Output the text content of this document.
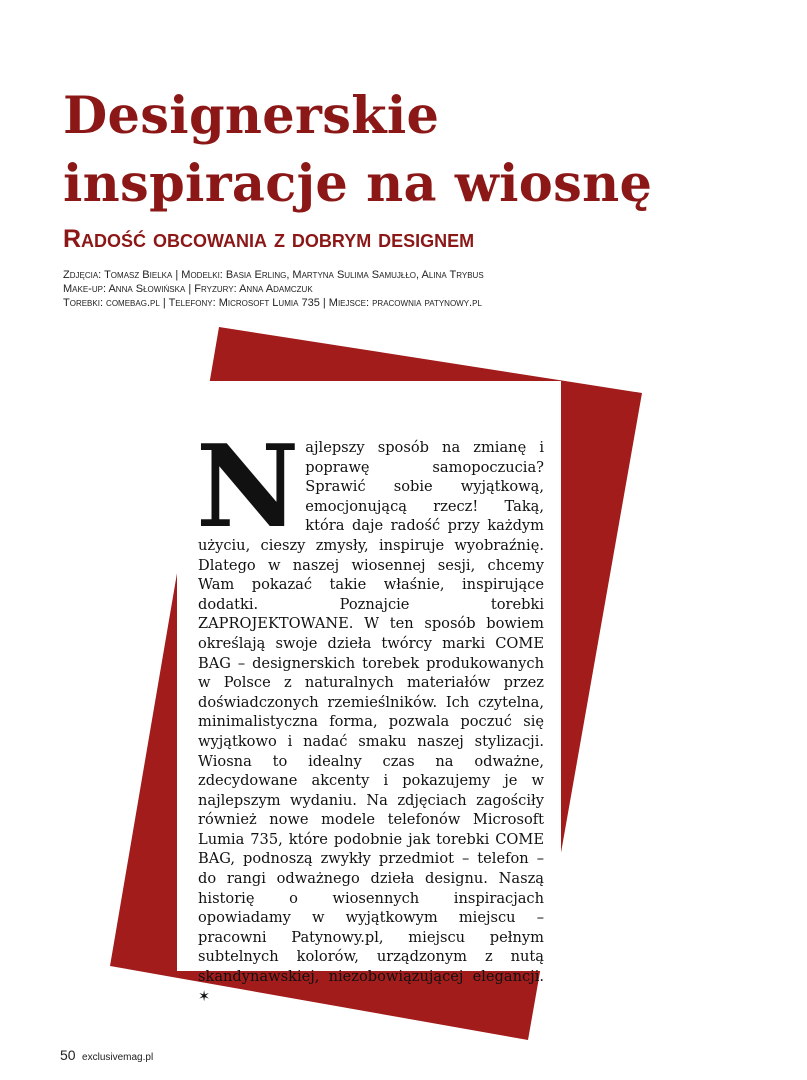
Designerskie
inspiracje na wiosnę
Radość obcowania z dobrym designem
Zdjęcia: Tomasz Bielka | Modelki: Basia Erling, Martyna Sulima Samujłło, Alina Trybus
Make-up: Anna Słowińska | Fryzury: Anna Adamczuk
Torebki: comebag.pl | Telefony: Microsoft Lumia 735 | Miejsce: pracownia patynowy.pl
Najlepszy sposób na zmianę i poprawę samopoczucia? Sprawić sobie wyjątkową, emocjonującą rzecz! Taką, która daje radość przy każdym użyciu, cieszy zmysły, inspiruje wyobraźnię. Dlatego w naszej wiosennej sesji, chcemy Wam pokazać takie właśnie, inspirujące dodatki. Poznajcie torebki ZAPROJEKTOWANE. W ten sposób bowiem określają swoje dzieła twórcy marki COME BAG – designerskich torebek produkowanych w Polsce z naturalnych materiałów przez doświadczonych rzemieślników. Ich czytelna, minimalistyczna forma, pozwala poczuć się wyjątkowo i nadać smaku naszej stylizacji. Wiosna to idealny czas na odważne, zdecydowane akcenty i pokazujemy je w najlepszym wydaniu. Na zdjęciach zagościły również nowe modele telefonów Microsoft Lumia 735, które podobnie jak torebki COME BAG, podnoszą zwykły przedmiot – telefon – do rangi odważnego dzieła designu. Naszą historię o wiosennych inspiracjach opowiadamy w wyjątkowym miejscu – pracowni Patynowy.pl, miejscu pełnym subtelnych kolorów, urządzonym z nutą skandynawskiej, niezobowiązującej elegancji. ✶
50 exclusivemag.pl
